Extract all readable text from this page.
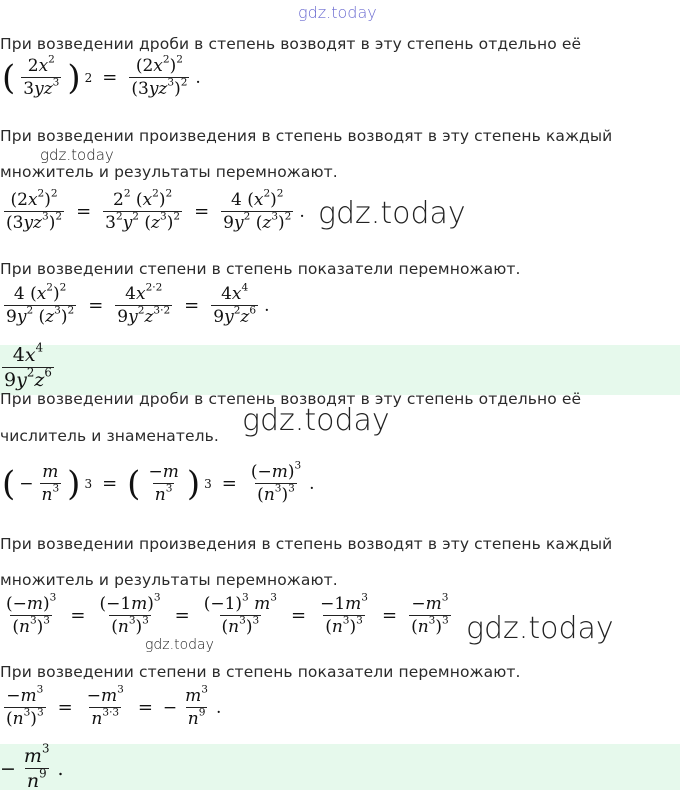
gdz.today
При возведении дроби в степень возводят в эту степень отдельно её
( $\frac{2x^2}{3yz^3}$ ) $2 = \frac{(2x^2)^2}{(3yz^3)^2}$ .
При возведении произведения в степень возводят в эту степень каждый
gdz.today
множитель и результаты перемножают.
$\frac{(2x^2)^2}{(3yz^3)^2} = \frac{2^2 (x^2)^2}{3^2y^2 (z^3)^2} = \frac{4 (x^2)^2}{9y^2 (z^3)^2}$ . gdz.today
При возведении степени в степень показатели перемножают.
$\frac{4 (x^2)^2}{9y^2 (z^3)^2} = \frac{4x^{2\cdot 2}}{9y^2z^{3\cdot 2}} = \frac{4x^4}{9y^2z^6}$ .
$\frac{4x^4}{9y^2z^6}$
При возведении дроби в степень возводят в эту степень отдельно её
числитель и знаменатель. gdz.today
( − $\frac{m}{n^3}$ ) 3 = ( $\frac{-m}{n^3}$ ) $3 = \frac{(-m)^3}{(n^3)^3}$ .
При возведении произведения в степень возводят в эту степень каждый
множитель и результаты перемножают.
$\frac{(-m)^3}{(n^3)^3} = \frac{(-1m)^3}{(n^3)^3} = \frac{(-1)^3 m^3}{(n^3)^3} = \frac{-1m^3}{(n^3)^3} = \frac{-m^3}{(n^3)^3}$
gdz.today	gdz.today
При возведении степени в степень показатели перемножают.
$\frac{-m^3}{(n^3)^3} = \frac{-m^3}{n^{3\cdot 3}}$ = − $\frac{m^3}{n^9}$ .
− $\frac{m^3}{n^9}$ .
